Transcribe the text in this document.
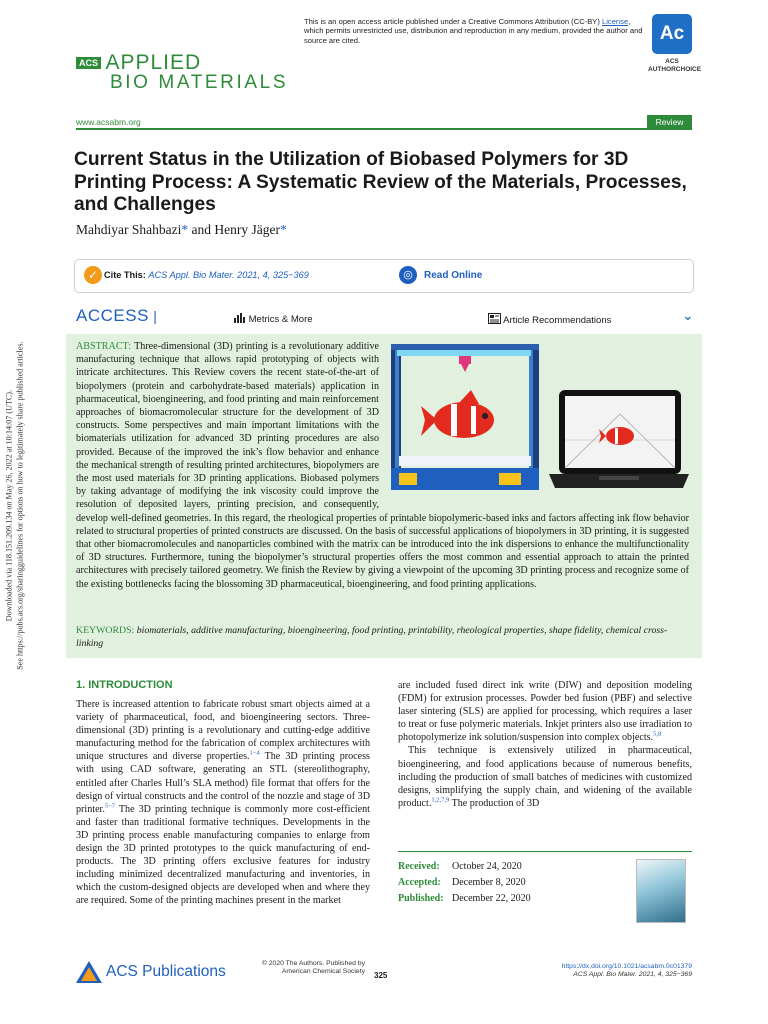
ACS APPLIED
BIO MATERIALS
This is an open access article published under a Creative Commons Attribution (CC-BY) License, which permits unrestricted use, distribution and reproduction in any medium, provided the author and source are cited.	Ac
ACS
AUTHORCHOICE
www.acsabm.org	Review
Current Status in the Utilization of Biobased Polymers for 3D Printing Process: A Systematic Review of the Materials, Processes, and Challenges
Mahdiyar Shahbazi* and Henry Jäger*
✓ Cite This: ACS Appl. Bio Mater. 2021, 4, 325−369	◎	Read Online
ACCESS |	Metrics & More	Article Recommendations	⌄
ABSTRACT: Three-dimensional (3D) printing is a revolutionary additive manufacturing technique that allows rapid prototyping of objects with intricate architectures. This Review covers the recent state-of-the-art of biopolymers (protein and carbohydrate-based materials) application in pharmaceutical, bioengineering, and food printing and main reinforcement approaches of biomacromolecular structure for the development of 3D constructs. Some perspectives and main important limitations with the biomaterials utilization for advanced 3D printing procedures are also provided. Because of the improved the ink’s flow behavior and enhance the mechanical strength of resulting printed architectures, biopolymers are the most used materials for 3D printing applications. Biobased polymers by taking advantage of modifying the ink viscosity could improve the resolution of deposited layers, printing precision, and consequently, develop well-defined geometries. In this regard, the rheological properties of printable biopolymeric-based inks and factors affecting ink flow behavior related to structural properties of printed constructs are discussed. On the basis of successful applications of biopolymers in 3D printing, it is suggested that other biomacromolecules and nanoparticles combined with the matrix can be introduced into the ink dispersions to enhance the multifunctionality of 3D structures. Furthermore, tuning the biopolymer’s structural properties offers the most common and essential approach to attain the printed architectures with precisely tailored geometry. We finish the Review by giving a viewpoint of the upcoming 3D printing process and recognize some of the existing bottlenecks facing the blossoming 3D pharmaceutical, bioengineering, and food printing applications.
KEYWORDS: biomaterials, additive manufacturing, bioengineering, food printing, printability, rheological properties, shape fidelity, chemical cross-linking
1. INTRODUCTION
There is increased attention to fabricate robust smart objects aimed at a variety of pharmaceutical, food, and bioengineering sectors. Three-dimensional (3D) printing is a revolutionary and cutting-edge additive manufacturing method for the fabrication of complex architectures with unique structures and diverse properties.$^{1-4}$ The 3D printing process with using CAD software, generating an STL (stereolithography, entitled after Charles Hull’s SLA method) file format that offers for the design of virtual constructs and the control of the nozzle and stage of 3D printer.$^{5-7}$ The 3D printing technique is commonly more cost-efficient and faster than traditional formative techniques. Developments in the 3D printing process enable manufacturing companies to enlarge from design the 3D printed prototypes to the quick manufacturing of end-products. The 3D printing offers exclusive features for industry including minimized decentralized manufacturing and inventories, in which the custom-designed objects are developed when and where they are required. Some of the printing machines present in the market

are included fused direct ink write (DIW) and deposition modeling (FDM) for extrusion processes. Powder bed fusion (PBF) and selective laser sintering (SLS) are applied for processing, which requires a laser to treat or fuse polymeric materials. Inkjet printers also use irradiation to photopolymerize ink solution/suspension into complex objects.$^{5,8}$

This technique is extensively utilized in pharmaceutical, bioengineering, and food applications because of numerous benefits, including the production of small batches of medicines with customized designs, simplifying the supply chain, and widening of the available product.$^{1,2,7,9}$ The production of 3D

Received: October 24, 2020
Accepted: December 8, 2020
Published: December 22, 2020
ACS Publications	© 2020 The Authors. Published by
American Chemical Society 325
https://dx.doi.org/10.1021/acsabm.0c01379
ACS Appl. Bio Mater. 2021, 4, 325−369
Downloaded via 118.151.209.134 on May 26, 2022 at 10:14:07 (UTC). See https://pubs.acs.org/sharingguidelines for options on how to legitimately share published articles.
